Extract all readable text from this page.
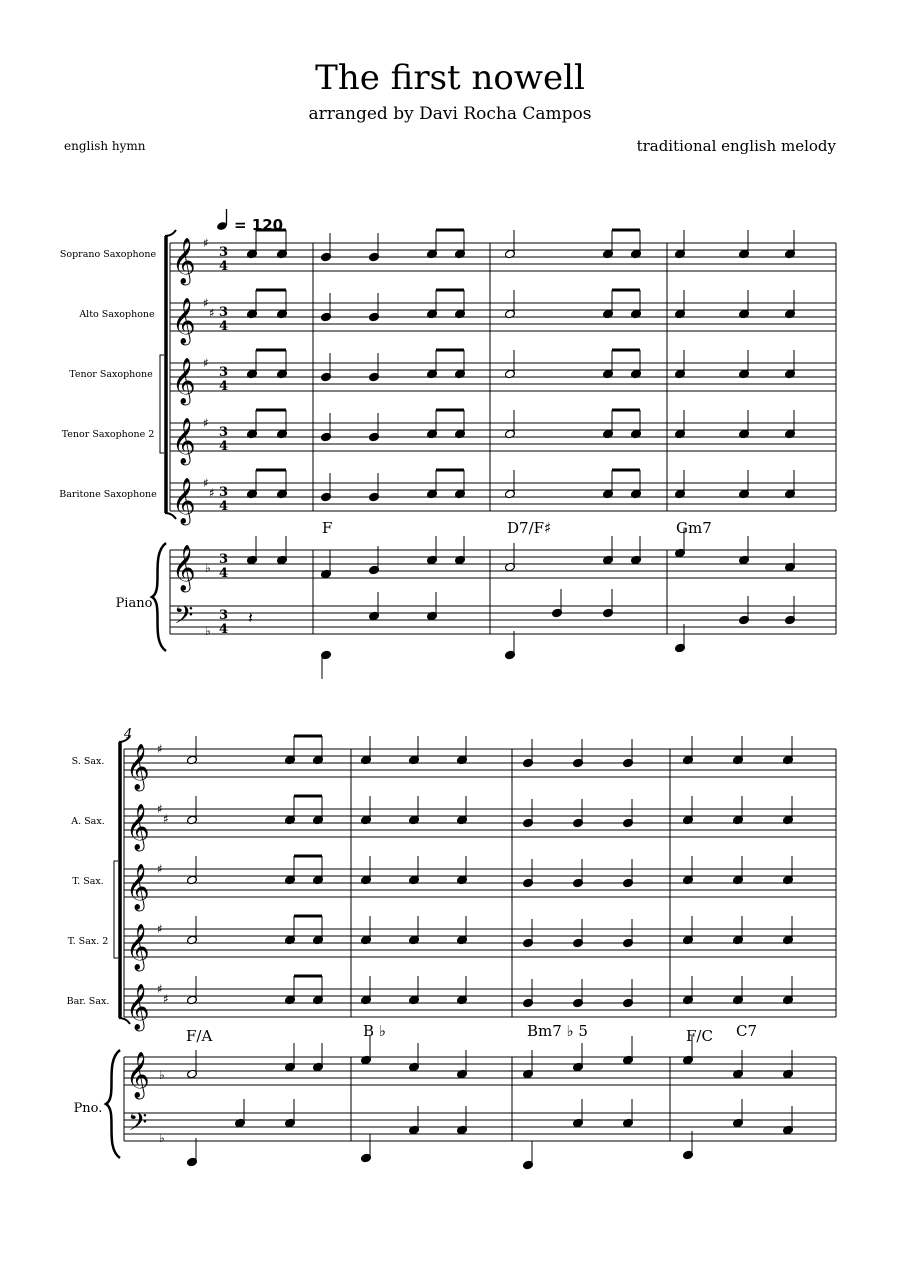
The first nowell
arranged by Davi Rocha Campos
english hymn	traditional english melody
= 120
Soprano Saxophone
Alto Saxophone
Tenor Saxophone
Tenor Saxophone 2
Baritone Saxophone
Piano
F	D7/F♯	Gm7
𝄞 ♯
3
4
𝄞 ♯
♯ 3
4
𝄞 ♯
3
4
𝄞 ♯
3
4
𝄞 ♯
♯ 3
4
𝄞
𝄢
♭
♭
3
4
3
4
𝄽
4
S. Sax.
A. Sax.
T. Sax.
T. Sax. 2
Bar. Sax.
Pno.
F/A	B ♭	Bm7 ♭ 5	F/C C7
𝄞 ♯
𝄞 ♯
♯
𝄞 ♯
𝄞 ♯
𝄞 ♯
♯
𝄞
𝄢
♭
♭
